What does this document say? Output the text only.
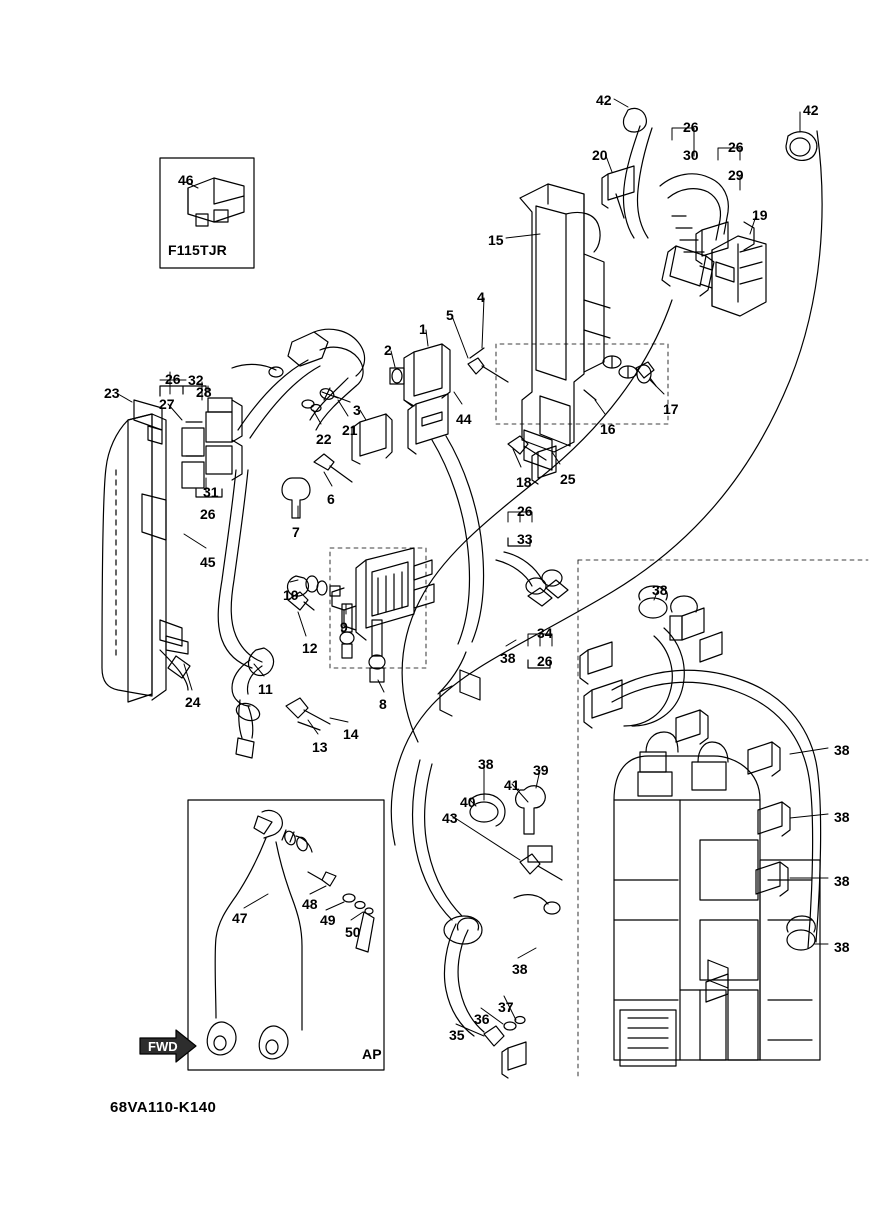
F115TJR
AP
FWD
68VA110-K140
42
42
26
30 26
29
20
19
15
5
4
1
2
26
28
32
27
23
17
16
44
3
21
22
18 25
31
26
6
7
26
33
45
38
10
9
12
34
26
38
38
11
8
24
14
13
38
38	39
41
40
43
38
48
49
50
47
38
38
37
36
35
46
